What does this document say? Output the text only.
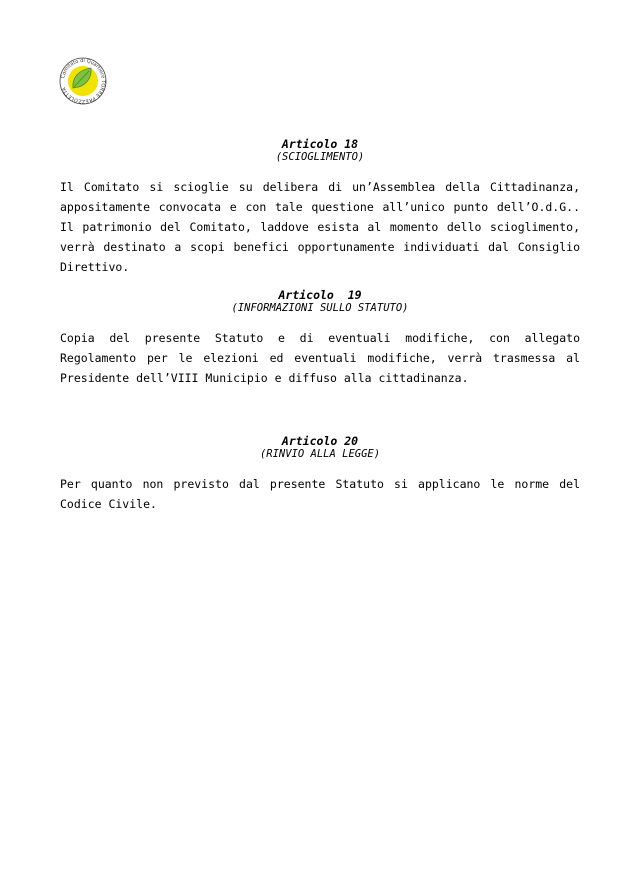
Comitato di Quartiere TORRE PREZZOLETTA
Articolo 18
(SCIOGLIMENTO)
Il Comitato si scioglie su delibera di un’Assemblea della Cittadinanza,
appositamente convocata e con tale questione all’unico punto dell’O.d.G..
Il patrimonio del Comitato, laddove esista al momento dello scioglimento,
verrà destinato a scopi benefici opportunamente individuati dal Consiglio
Direttivo.
Articolo  19
(INFORMAZIONI SULLO STATUTO)
Copia del presente Statuto e di eventuali modifiche, con allegato
Regolamento per le elezioni ed eventuali modifiche, verrà trasmessa al
Presidente dell’VIII Municipio e diffuso alla cittadinanza.
Articolo 20
(RINVIO ALLA LEGGE)
Per quanto non previsto dal presente Statuto si applicano le norme del
Codice Civile.
